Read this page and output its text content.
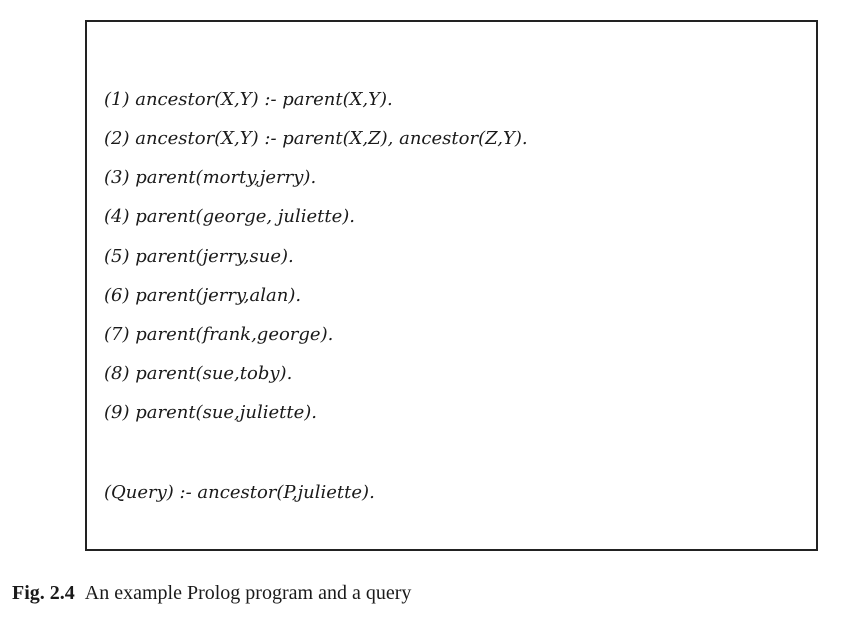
(1) ancestor(X,Y) :- parent(X,Y).

(2) ancestor(X,Y) :- parent(X,Z), ancestor(Z,Y).

(3) parent(morty,jerry).

(4) parent(george, juliette).

(5) parent(jerry,sue).

(6) parent(jerry,alan).

(7) parent(frank,george).

(8) parent(sue,toby).

(9) parent(sue,juliette).

(Query) :- ancestor(P,juliette).

Fig. 2.4 An example Prolog program and a query
